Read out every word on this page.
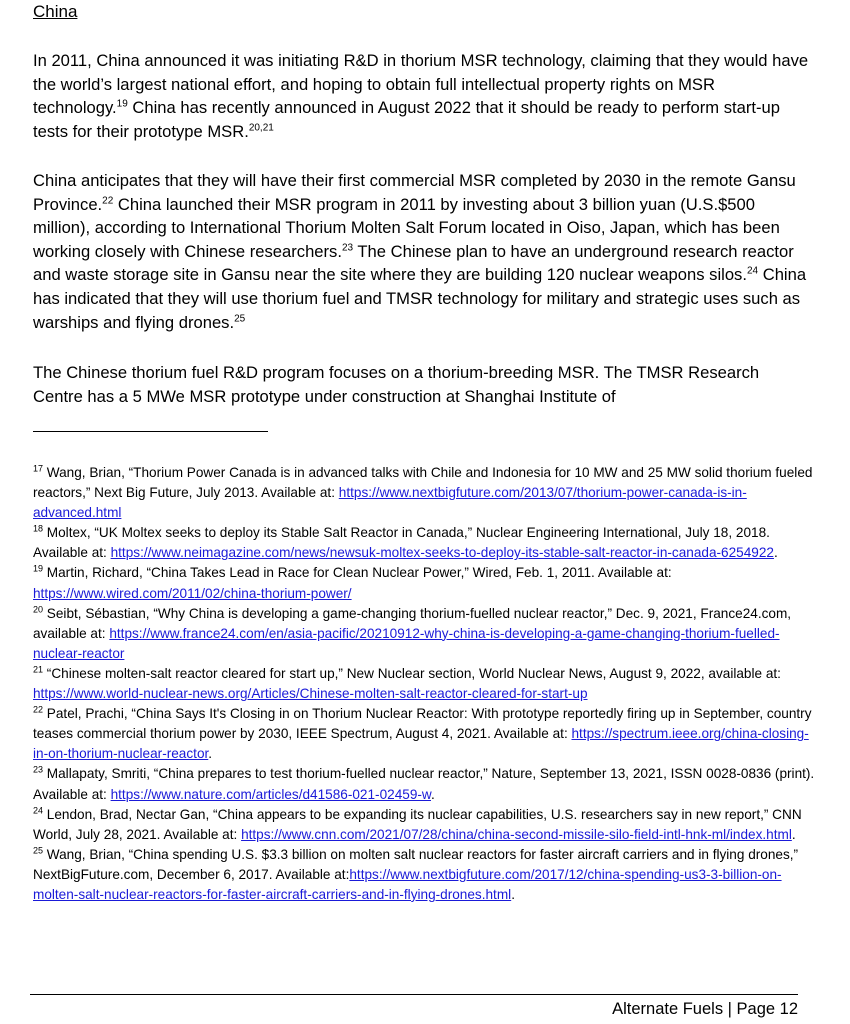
China

In 2011, China announced it was initiating R&D in thorium MSR technology, claiming that they would have the world’s largest national effort, and hoping to obtain full intellectual property rights on MSR technology.$^{19}$ China has recently announced in August 2022 that it should be ready to perform start-up tests for their prototype MSR.$^{20,21}$

China anticipates that they will have their first commercial MSR completed by 2030 in the remote Gansu Province.$^{22}$ China launched their MSR program in 2011 by investing about 3 billion yuan (U.S.$500 million), according to International Thorium Molten Salt Forum located in Oiso, Japan, which has been working closely with Chinese researchers.$^{23}$ The Chinese plan to have an underground research reactor and waste storage site in Gansu near the site where they are building 120 nuclear weapons silos.$^{24}$ China has indicated that they will use thorium fuel and TMSR technology for military and strategic uses such as warships and flying drones.$^{25}$

The Chinese thorium fuel R&D program focuses on a thorium-breeding MSR. The TMSR Research Centre has a 5 MWe MSR prototype under construction at Shanghai Institute of

$^{17}$ Wang, Brian, “Thorium Power Canada is in advanced talks with Chile and Indonesia for 10 MW and 25 MW solid thorium fueled reactors,” Next Big Future, July 2013. Available at: https://www.nextbigfuture.com/2013/07/thorium-power-canada-is-in-advanced.html

$^{18}$ Moltex, “UK Moltex seeks to deploy its Stable Salt Reactor in Canada,” Nuclear Engineering International, July 18, 2018. Available at: https://www.neimagazine.com/news/newsuk-moltex-seeks-to-deploy-its-stable-salt-reactor-in-canada-6254922.

$^{19}$ Martin, Richard, “China Takes Lead in Race for Clean Nuclear Power,” Wired, Feb. 1, 2011. Available at: https://www.wired.com/2011/02/china-thorium-power/

$^{20}$ Seibt, Sébastian, “Why China is developing a game-changing thorium-fuelled nuclear reactor,” Dec. 9, 2021, France24.com, available at: https://www.france24.com/en/asia-pacific/20210912-why-china-is-developing-a-game-changing-thorium-fuelled-nuclear-reactor

$^{21}$ “Chinese molten-salt reactor cleared for start up,” New Nuclear section, World Nuclear News, August 9, 2022, available at: https://www.world-nuclear-news.org/Articles/Chinese-molten-salt-reactor-cleared-for-start-up

$^{22}$ Patel, Prachi, “China Says It's Closing in on Thorium Nuclear Reactor: With prototype reportedly firing up in September, country teases commercial thorium power by 2030, IEEE Spectrum, August 4, 2021. Available at: https://spectrum.ieee.org/china-closing-in-on-thorium-nuclear-reactor.

$^{23}$ Mallapaty, Smriti, “China prepares to test thorium-fuelled nuclear reactor,” Nature, September 13, 2021, ISSN 0028-0836 (print). Available at: https://www.nature.com/articles/d41586-021-02459-w.

$^{24}$ Lendon, Brad, Nectar Gan, “China appears to be expanding its nuclear capabilities, U.S. researchers say in new report,” CNN World, July 28, 2021. Available at: https://www.cnn.com/2021/07/28/china/china-second-missile-silo-field-intl-hnk-ml/index.html.

$^{25}$ Wang, Brian, “China spending U.S. $3.3 billion on molten salt nuclear reactors for faster aircraft carriers and in flying drones,” NextBigFuture.com, December 6, 2017. Available at:https://www.nextbigfuture.com/2017/12/china-spending-us3-3-billion-on-molten-salt-nuclear-reactors-for-faster-aircraft-carriers-and-in-flying-drones.html.

Alternate Fuels | Page 12
